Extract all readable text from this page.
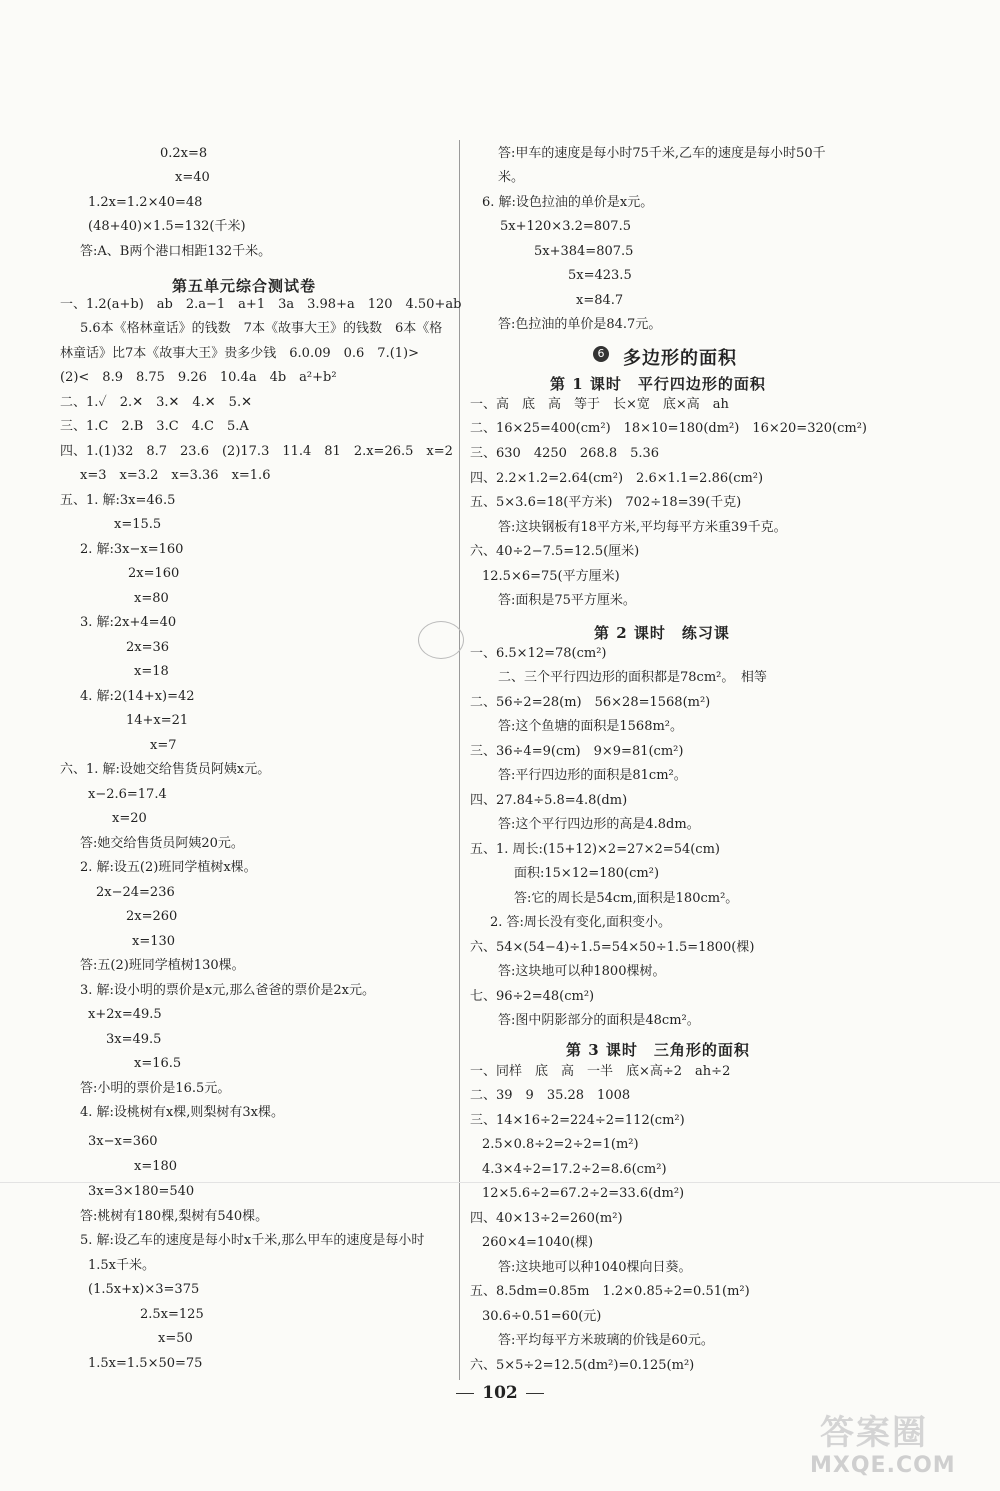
0.2x=8
x=40
1.2x=1.2×40=48
(48+40)×1.5=132(千米)
答:A、B两个港口相距132千米。
第五单元综合测试卷
一、1.2(a+b)　ab　2.a−1　a+1　3a　3.98+a　120　4.50+ab
5.6本《格林童话》的钱数　7本《故事大王》的钱数　6本《格
林童话》比7本《故事大王》贵多少钱　6.0.09　0.6　7.(1)>
(2)<　8.9　8.75　9.26　10.4a　4b　a²+b²
二、1.✓　2.✕　3.✕　4.✕　5.✕
三、1.C　2.B　3.C　4.C　5.A
四、1.(1)32　8.7　23.6　(2)17.3　11.4　81　2.x=26.5　x=2
x=3　x=3.2　x=3.36　x=1.6
五、1. 解:3x=46.5
x=15.5
2. 解:3x−x=160
2x=160
x=80
3. 解:2x+4=40
2x=36
x=18
4. 解:2(14+x)=42
14+x=21
x=7
六、1. 解:设她交给售货员阿姨x元。
x−2.6=17.4
x=20
答:她交给售货员阿姨20元。
2. 解:设五(2)班同学植树x棵。
2x−24=236
2x=260
x=130
答:五(2)班同学植树130棵。
3. 解:设小明的票价是x元,那么爸爸的票价是2x元。
x+2x=49.5
3x=49.5
x=16.5
答:小明的票价是16.5元。
4. 解:设桃树有x棵,则梨树有3x棵。
3x−x=360
x=180
3x=3×180=540
答:桃树有180棵,梨树有540棵。
5. 解:设乙车的速度是每小时x千米,那么甲车的速度是每小时
1.5x千米。
(1.5x+x)×3=375
2.5x=125
x=50
1.5x=1.5×50=75
答:甲车的速度是每小时75千米,乙车的速度是每小时50千
米。
6. 解:设色拉油的单价是x元。
5x+120×3.2=807.5
5x+384=807.5
5x=423.5
x=84.7
答:色拉油的单价是84.7元。
6 多边形的面积
第 1 课时　平行四边形的面积
一、高　底　高　等于　长×宽　底×高　ah
二、16×25=400(cm²)　18×10=180(dm²)　16×20=320(cm²)
三、630　4250　268.8　5.36
四、2.2×1.2=2.64(cm²)　2.6×1.1=2.86(cm²)
五、5×3.6=18(平方米)　702÷18=39(千克)
答:这块钢板有18平方米,平均每平方米重39千克。
六、40÷2−7.5=12.5(厘米)
12.5×6=75(平方厘米)
答:面积是75平方厘米。
第 2 课时　练习课
一、6.5×12=78(cm²)
二、三个平行四边形的面积都是78cm²。　相等
二、56÷2=28(m)　56×28=1568(m²)
答:这个鱼塘的面积是1568m²。
三、36÷4=9(cm)　9×9=81(cm²)
答:平行四边形的面积是81cm²。
四、27.84÷5.8=4.8(dm)
答:这个平行四边形的高是4.8dm。
五、1. 周长:(15+12)×2=27×2=54(cm)
面积:15×12=180(cm²)
答:它的周长是54cm,面积是180cm²。
2. 答:周长没有变化,面积变小。
六、54×(54−4)÷1.5=54×50÷1.5=1800(棵)
答:这块地可以种1800棵树。
七、96÷2=48(cm²)
答:图中阴影部分的面积是48cm²。
第 3 课时　三角形的面积
一、同样　底　高　一半　底×高÷2　ah÷2
二、39　9　35.28　1008
三、14×16÷2=224÷2=112(cm²)
2.5×0.8÷2=2÷2=1(m²)
4.3×4÷2=17.2÷2=8.6(cm²)
12×5.6÷2=67.2÷2=33.6(dm²)
四、40×13÷2=260(m²)
260×4=1040(棵)
答:这块地可以种1040棵向日葵。
五、8.5dm=0.85m　1.2×0.85÷2=0.51(m²)
30.6÷0.51=60(元)
答:平均每平方米玻璃的价钱是60元。
六、5×5÷2=12.5(dm²)=0.125(m²)
102
答案圈
MXQE.COM
